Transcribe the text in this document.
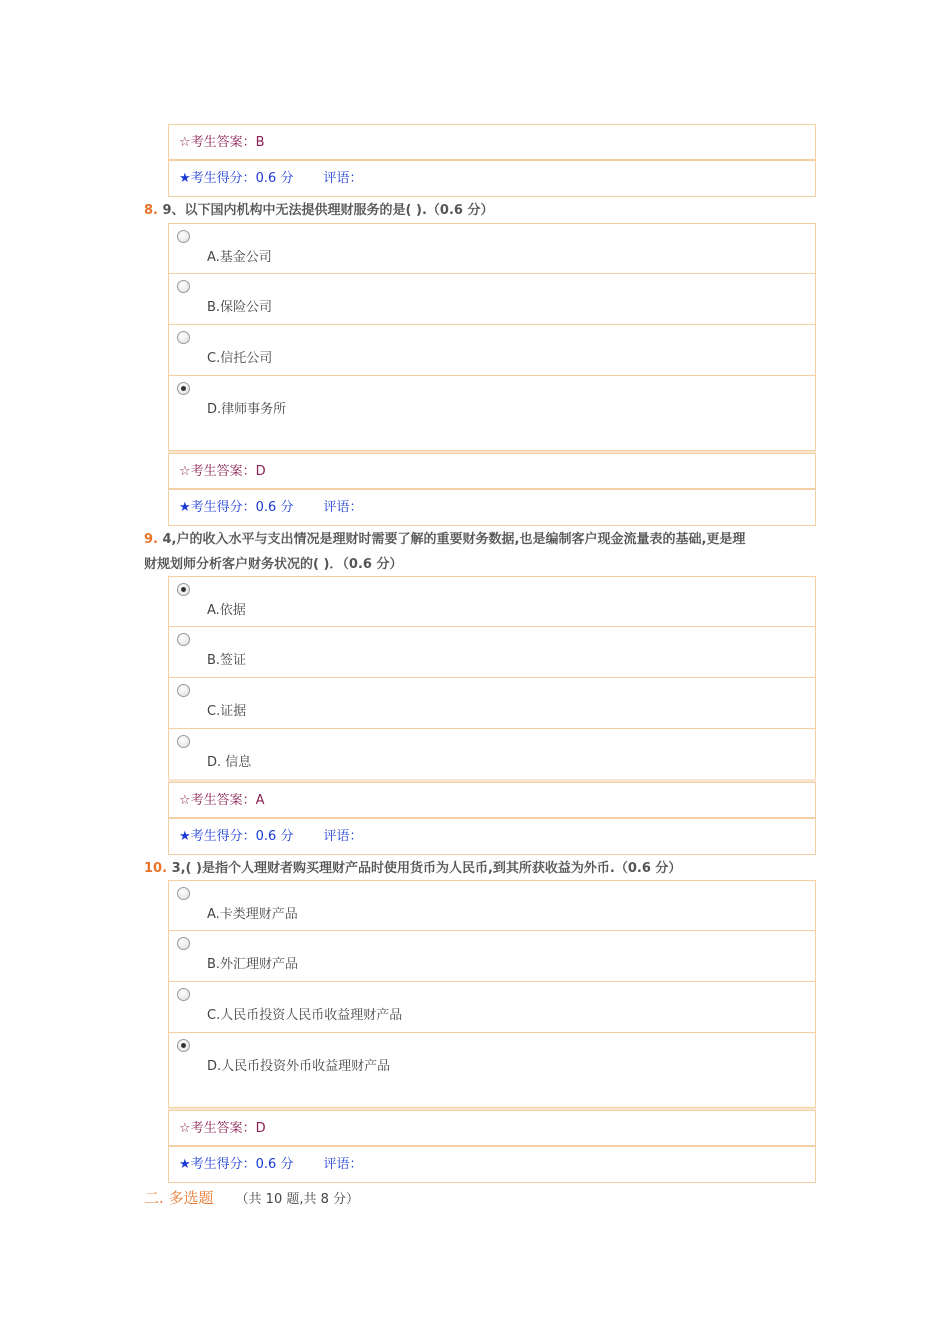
☆考生答案：B
★考生得分：0.6 分 评语：
8. 9、以下国内机构中无法提供理财服务的是( ).（0.6 分）
A.基金公司
B.保险公司
C.信托公司
D.律师事务所
☆考生答案：D
★考生得分：0.6 分 评语：
9. 4,户的收入水平与支出情况是理财时需要了解的重要财务数据,也是编制客户现金流量表的基础,更是理
财规划师分析客户财务状况的( )．（0.6 分）
A.依据
B.签证
C.证据
D. 信息
☆考生答案：A
★考生得分：0.6 分 评语：
10. 3,( )是指个人理财者购买理财产品时使用货币为人民币,到其所获收益为外币.（0.6 分）
A.卡类理财产品
B.外汇理财产品
C.人民币投资人民币收益理财产品
D.人民币投资外币收益理财产品
☆考生答案：D
★考生得分：0.6 分 评语：
二. 多选题 （共 10 题,共 8 分）
